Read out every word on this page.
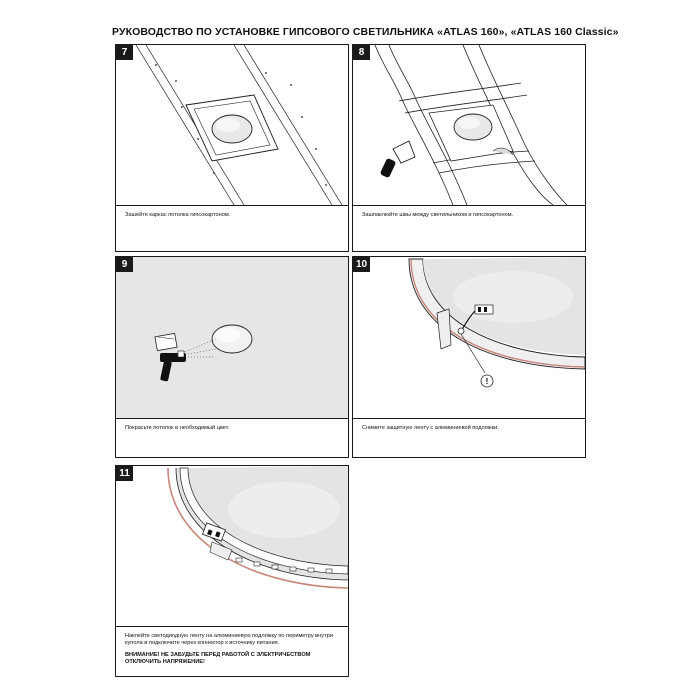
РУКОВОДСТВО ПО УСТАНОВКЕ ГИПСОВОГО СВЕТИЛЬНИКА «ATLAS 160», «ATLAS 160 Classic»
7

Зашейте каркас потолка гипсокартоном.

8

Зашпаклюйте швы между светильником и гипсокартоном.

9

Покрасьте потолок в необходимый цвет.

10
!

Снимите защитную ленту с алюминиевой подложки.

11

Наклейте светодиодную ленту на алюминиевую подложку по периметру внутри купола и подключите через коннектор к источнику питания.

ВНИМАНИЕ! НЕ ЗАБУДЬТЕ ПЕРЕД РАБОТОЙ С ЭЛЕКТРИЧЕСТВОМ ОТКЛЮЧИТЬ НАПРЯЖЕНИЕ!
